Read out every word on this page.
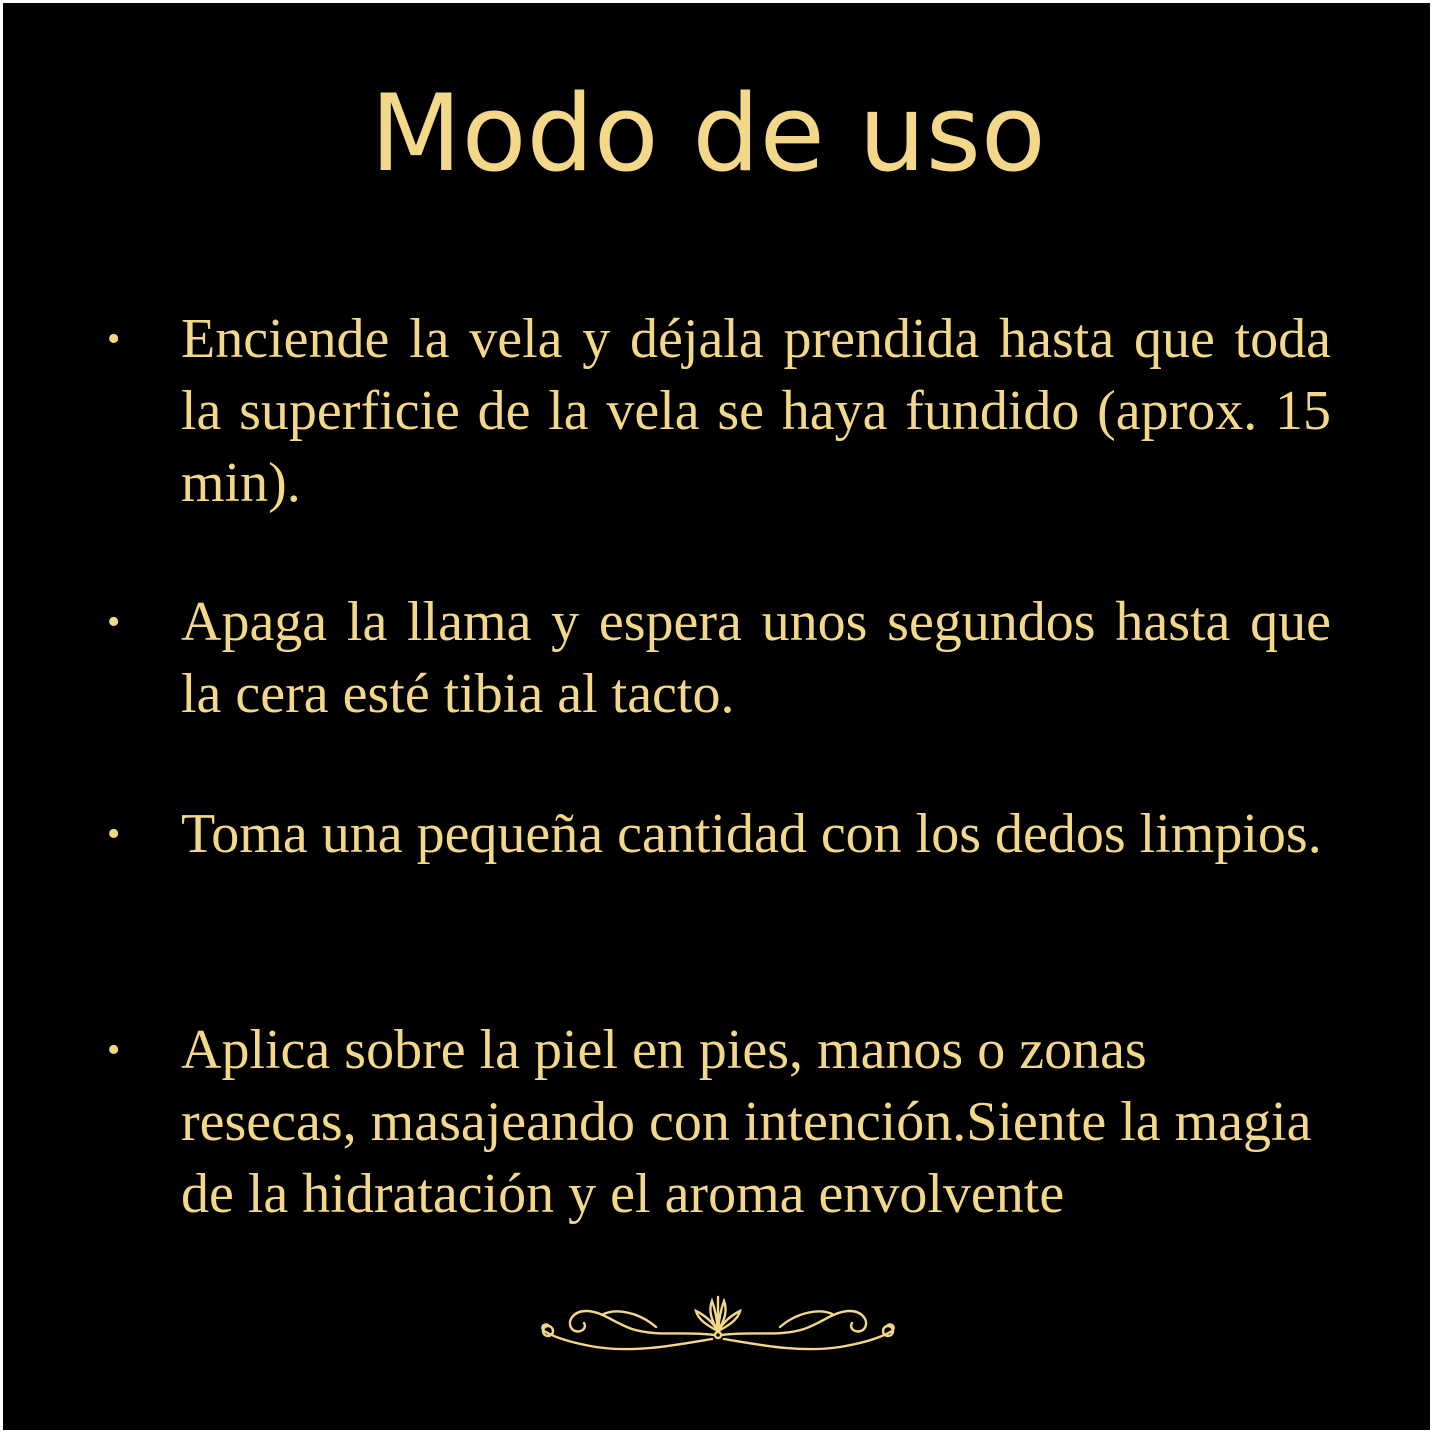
Modo de uso
• Enciende la vela y déjala prendida hasta que toda la superficie de la vela se haya fundido (aprox. 15 min).

• Apaga la llama y espera unos segundos hasta que la cera esté tibia al tacto.

• Toma una pequeña cantidad con los dedos limpios.

• Aplica sobre la piel en pies, manos o zonas resecas, masajeando con intención.Siente la magia de la hidratación y el aroma envolvente
